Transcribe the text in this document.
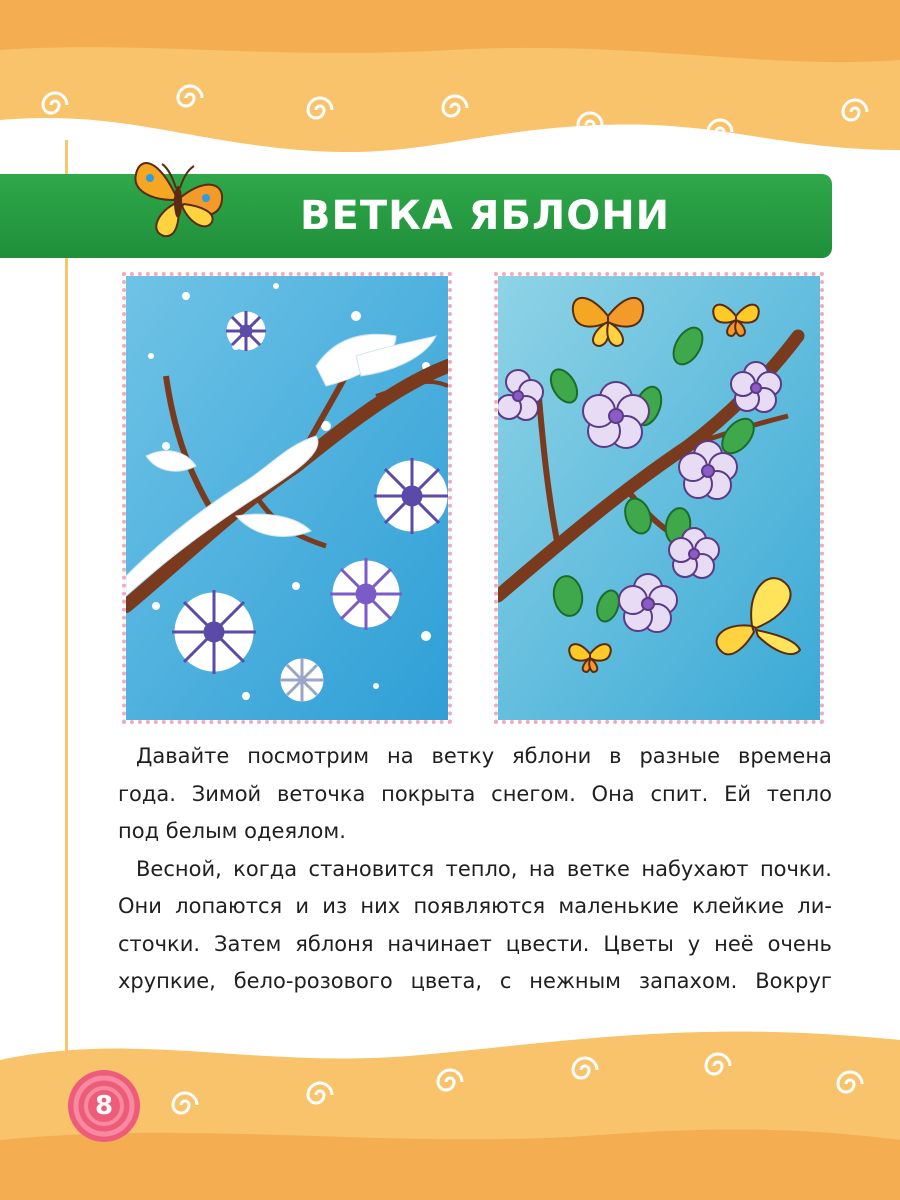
ВЕТКА ЯБЛОНИ
Давайте посмотрим на ветку яблони в разные времена
года. Зимой веточка покрыта снегом. Она спит. Ей тепло
под белым одеялом.
Весной, когда становится тепло, на ветке набухают почки.
Они лопаются и из них появляются маленькие клейкие ли-
сточки. Затем яблоня начинает цвести. Цветы у неё очень
хрупкие, бело-розового цвета, с нежным запахом. Вокруг
8
